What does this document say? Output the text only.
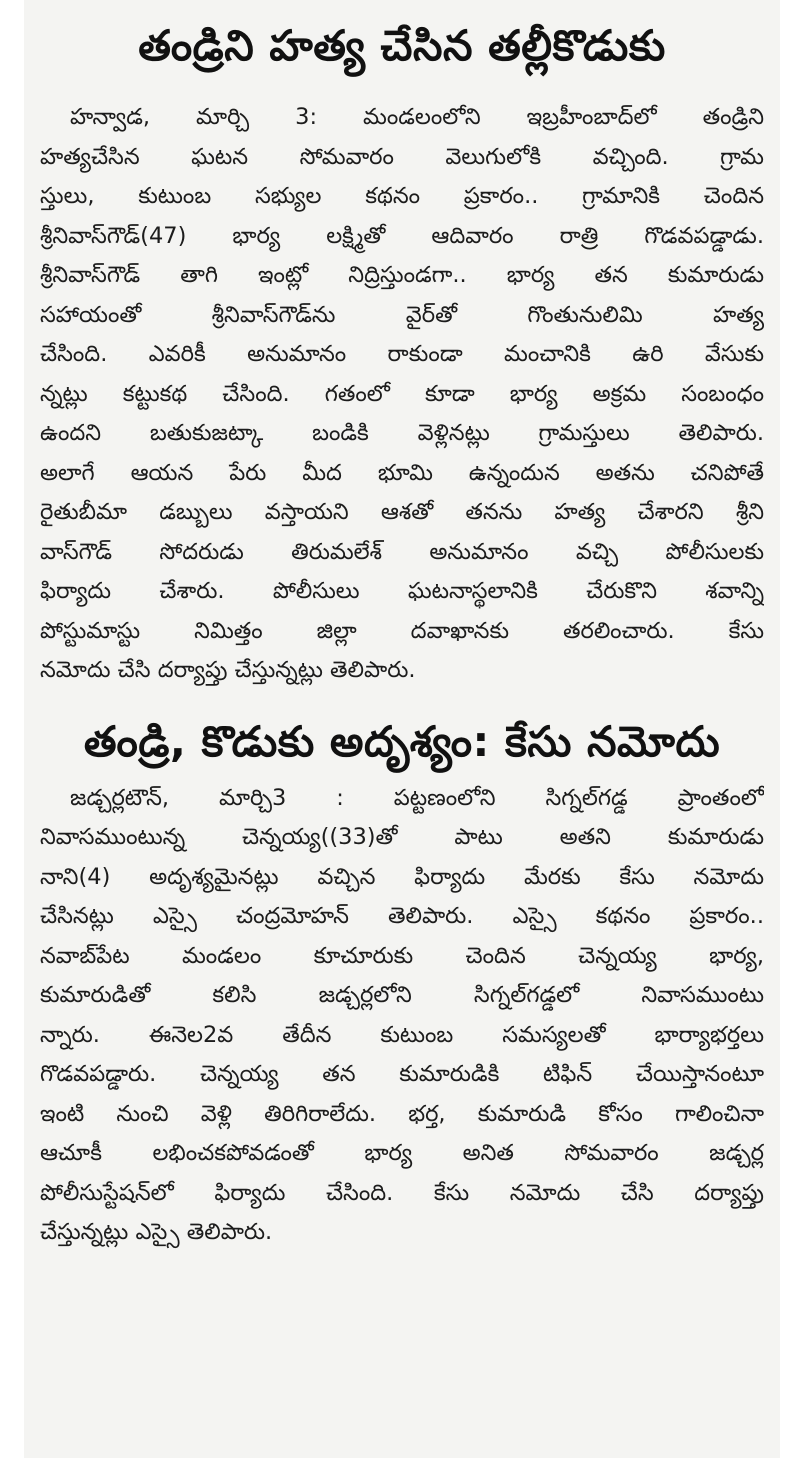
తండ్రిని హత్య చేసిన తల్లీకొడుకు
హన్వాడ, మార్చి 3: మండలంలోని ఇబ్రహీంబాద్‌లో తండ్రిని
హత్యచేసిన ఘటన సోమవారం వెలుగులోకి వచ్చింది. గ్రామ
స్తులు, కుటుంబ సభ్యుల కథనం ప్రకారం.. గ్రామానికి చెందిన
శ్రీనివాస్‌గౌడ్(47) భార్య లక్ష్మితో ఆదివారం రాత్రి గొడవపడ్డాడు.
శ్రీనివాస్‌గౌడ్ తాగి ఇంట్లో నిద్రిస్తుండగా.. భార్య తన కుమారుడు
సహాయంతో శ్రీనివాస్‌గౌడ్‌ను వైర్‌తో గొంతునులిమి హత్య
చేసింది. ఎవరికీ అనుమానం రాకుండా మంచానికి ఉరి వేసుకు
న్నట్లు కట్టుకథ చేసింది. గతంలో కూడా భార్య అక్రమ సంబంధం
ఉందని బతుకుజట్కా బండికి వెళ్లినట్లు గ్రామస్తులు తెలిపారు.
అలాగే ఆయన పేరు మీద భూమి ఉన్నందున అతను చనిపోతే
రైతుబీమా డబ్బులు వస్తాయని ఆశతో తనను హత్య చేశారని శ్రీని
వాస్‌గౌడ్ సోదరుడు తిరుమలేశ్ అనుమానం వచ్చి పోలీసులకు
ఫిర్యాదు చేశారు. పోలీసులు ఘటనాస్థలానికి చేరుకొని శవాన్ని
పోస్టుమాస్టు నిమిత్తం జిల్లా దవాఖానకు తరలించారు. కేసు
నమోదు చేసి దర్యాప్తు చేస్తున్నట్లు తెలిపారు.
తండ్రి, కొడుకు అదృశ్యం: కేసు నమోదు
జడ్చర్లటౌన్, మార్చి3 : పట్టణంలోని సిగ్నల్‌గడ్డ ప్రాంతంలో
నివాసముంటున్న చెన్నయ్య((33)తో పాటు అతని కుమారుడు
నాని(4) అదృశ్యమైనట్లు వచ్చిన ఫిర్యాదు మేరకు కేసు నమోదు
చేసినట్లు ఎస్సై చంద్రమోహన్ తెలిపారు. ఎస్సై కథనం ప్రకారం..
నవాబ్‌పేట మండలం కూచూరుకు చెందిన చెన్నయ్య భార్య,
కుమారుడితో కలిసి జడ్చర్లలోని సిగ్నల్‌గడ్డలో నివాసముంటు
న్నారు. ఈనెల2వ తేదీన కుటుంబ సమస్యలతో భార్యాభర్తలు
గొడవపడ్డారు. చెన్నయ్య తన కుమారుడికి టిఫిన్ చేయిస్తానంటూ
ఇంటి నుంచి వెళ్లి తిరిగిరాలేదు. భర్త, కుమారుడి కోసం గాలించినా
ఆచూకీ లభించకపోవడంతో భార్య అనిత సోమవారం జడ్చర్ల
పోలీసుస్టేషన్‌లో ఫిర్యాదు చేసింది. కేసు నమోదు చేసి దర్యాప్తు
చేస్తున్నట్లు ఎస్సై తెలిపారు.
